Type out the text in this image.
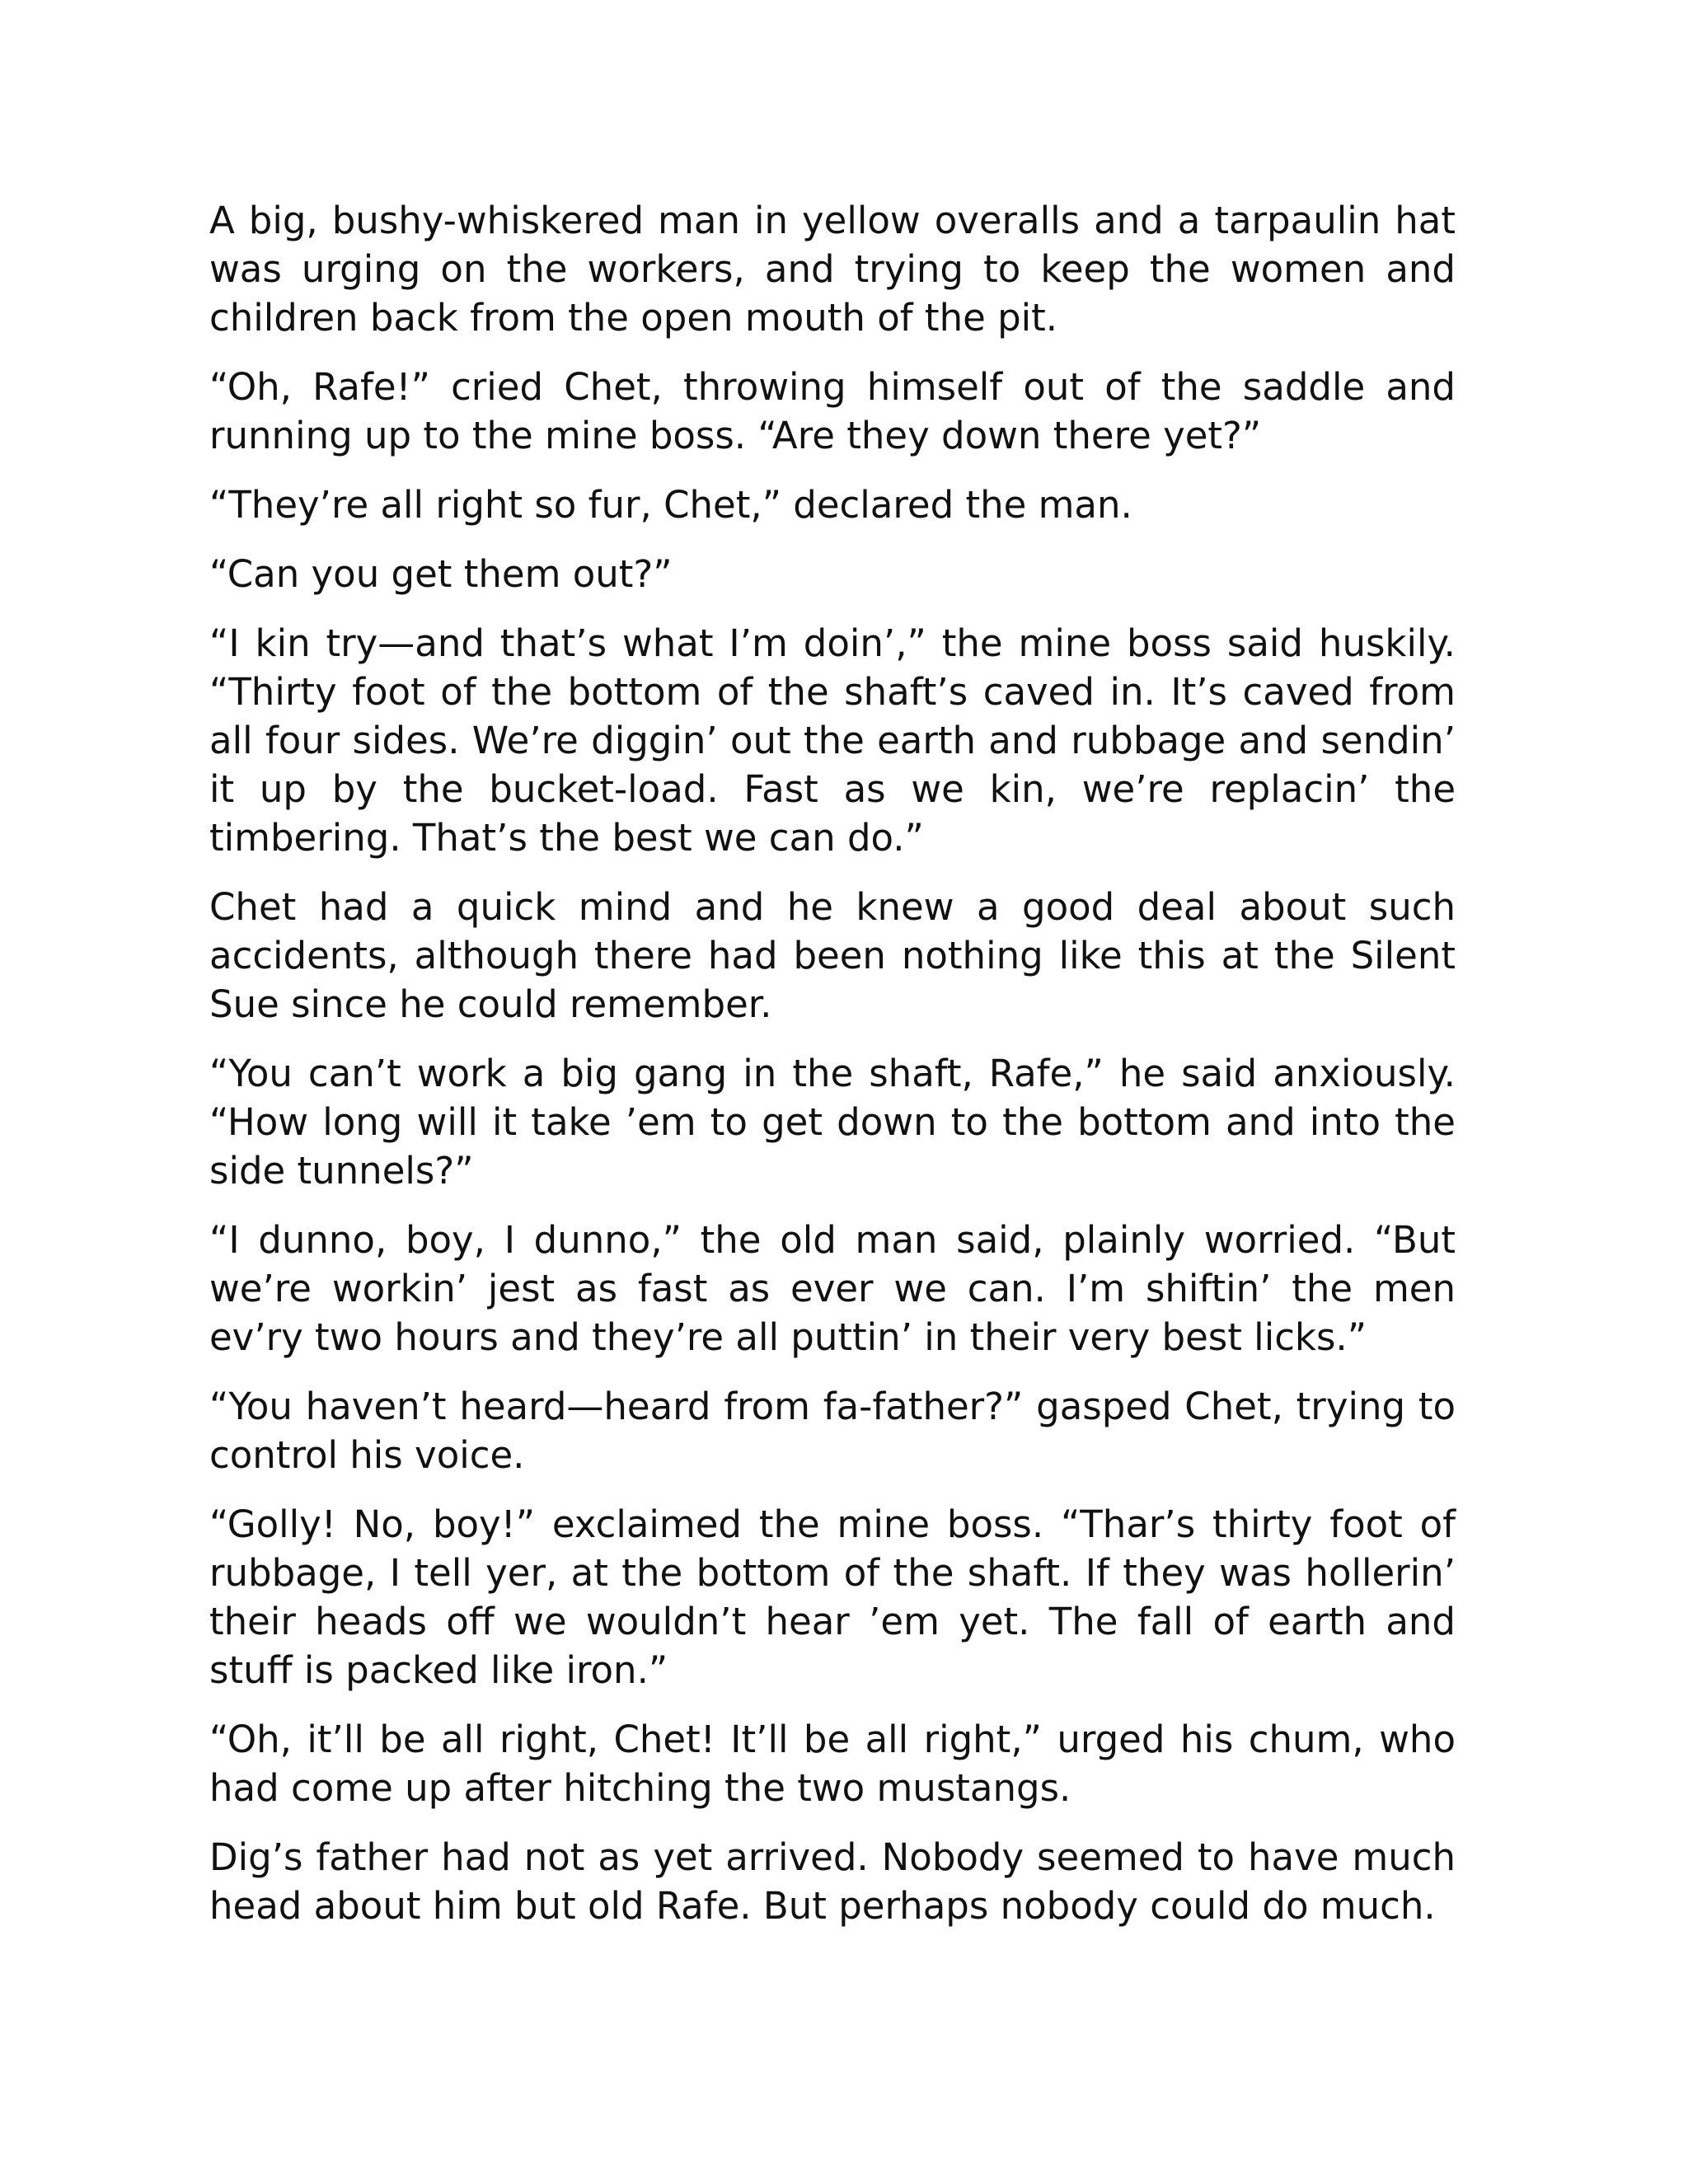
A big, bushy-whiskered man in yellow overalls and a tarpaulin hat was urging on the workers, and trying to keep the women and children back from the open mouth of the pit.

“Oh, Rafe!” cried Chet, throwing himself out of the saddle and running up to the mine boss. “Are they down there yet?”

“They’re all right so fur, Chet,” declared the man.

“Can you get them out?”

“I kin try—and that’s what I’m doin’,” the mine boss said huskily. “Thirty foot of the bottom of the shaft’s caved in. It’s caved from all four sides. We’re diggin’ out the earth and rubbage and sendin’ it up by the bucket-load. Fast as we kin, we’re replacin’ the timbering. That’s the best we can do.”

Chet had a quick mind and he knew a good deal about such accidents, although there had been nothing like this at the Silent Sue since he could remember.

“You can’t work a big gang in the shaft, Rafe,” he said anxiously. “How long will it take ’em to get down to the bottom and into the side tunnels?”

“I dunno, boy, I dunno,” the old man said, plainly worried. “But we’re workin’ jest as fast as ever we can. I’m shiftin’ the men ev’ry two hours and they’re all puttin’ in their very best licks.”

“You haven’t heard—heard from fa-father?” gasped Chet, trying to control his voice.

“Golly! No, boy!” exclaimed the mine boss. “Thar’s thirty foot of rubbage, I tell yer, at the bottom of the shaft. If they was hollerin’ their heads off we wouldn’t hear ’em yet. The fall of earth and stuff is packed like iron.”

“Oh, it’ll be all right, Chet! It’ll be all right,” urged his chum, who had come up after hitching the two mustangs.

Dig’s father had not as yet arrived. Nobody seemed to have much head about him but old Rafe. But perhaps nobody could do much.
